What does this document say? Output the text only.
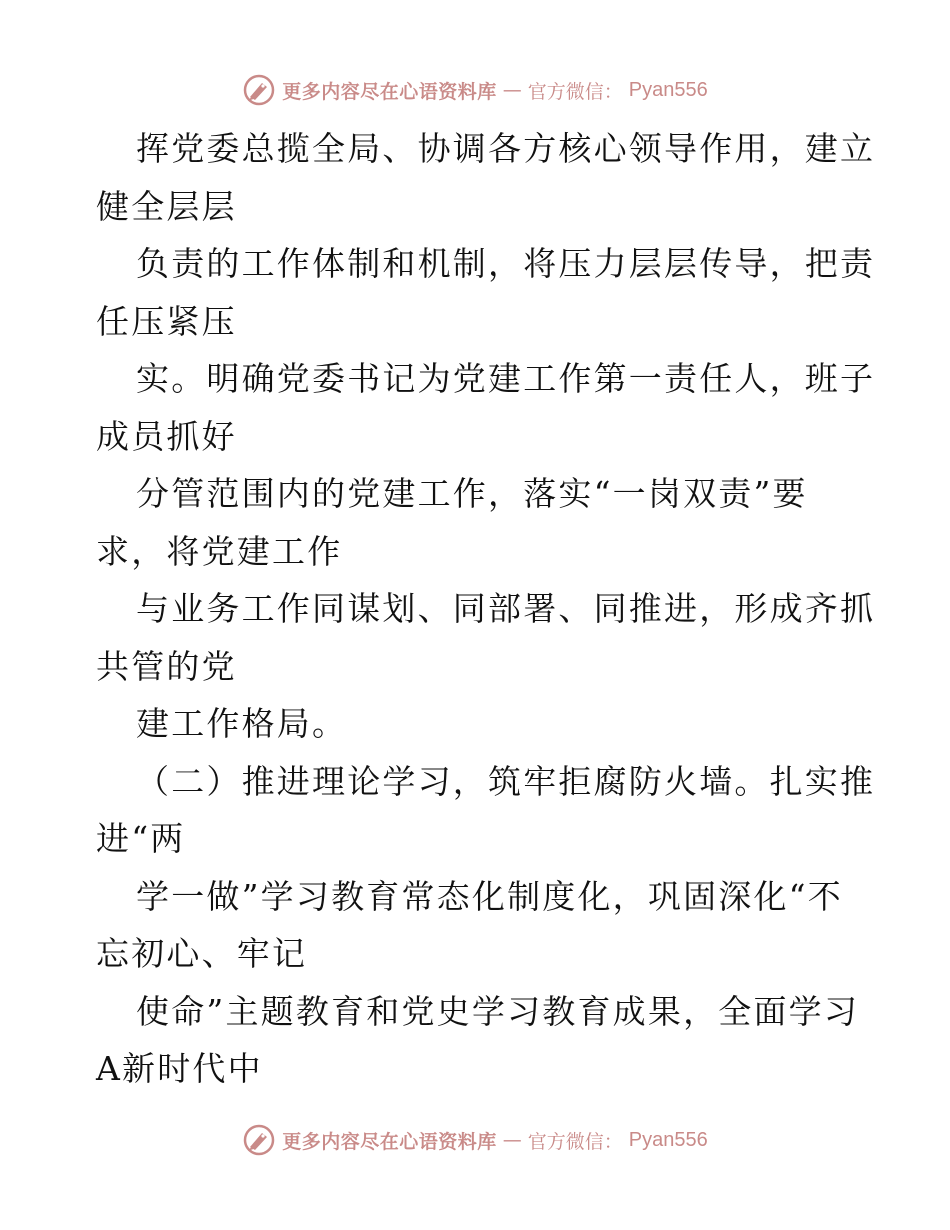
更多内容尽在心语资料库 — 官方微信： Pyan556
挥党委总揽全局、协调各方核心领导作用，建立
健全层层
负责的工作体制和机制，将压力层层传导，把责
任压紧压
实。明确党委书记为党建工作第一责任人，班子
成员抓好
分管范围内的党建工作，落实“一岗双责”要
求，将党建工作
与业务工作同谋划、同部署、同推进，形成齐抓
共管的党
建工作格局。
（二）推进理论学习，筑牢拒腐防火墙。扎实推
进“两
学一做”学习教育常态化制度化，巩固深化“不
忘初心、牢记
使命”主题教育和党史学习教育成果，全面学习
A新时代中
更多内容尽在心语资料库 — 官方微信： Pyan556
